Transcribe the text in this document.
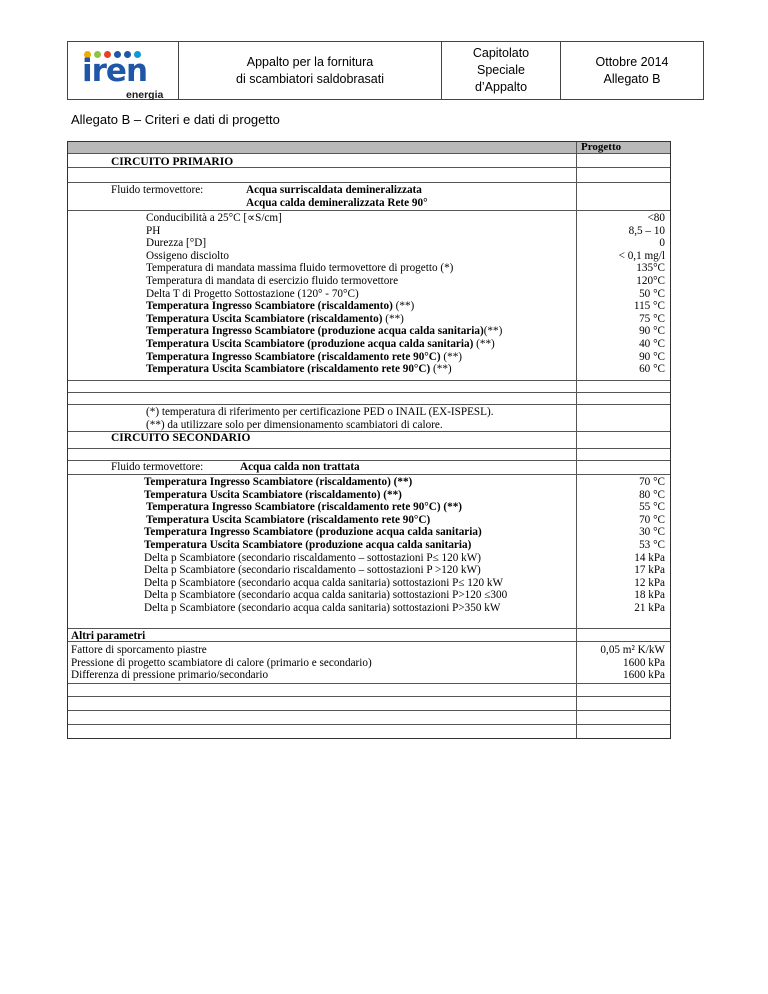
iren
energia

Appalto per la fornitura
di scambiatori saldobrasati

Capitolato
Speciale
d’Appalto

Ottobre 2014
Allegato B
Allegato B – Criteri e dati di progetto
Progetto
CIRCUITO PRIMARIO
Fluido termovettore:	Acqua surriscaldata demineralizzata
Acqua calda demineralizzata Rete 90°
Conducibilità a 25°C [∝S/cm]	<80
PH	8,5 – 10
Durezza [°D]	0
Ossigeno disciolto	< 0,1 mg/l
Temperatura di mandata massima fluido termovettore di progetto (*)	135°C
Temperatura di mandata di esercizio fluido termovettore	120°C
Delta T di Progetto Sottostazione (120° - 70°C)	50 °C
Temperatura Ingresso Scambiatore (riscaldamento) (**)	115 °C
Temperatura Uscita Scambiatore (riscaldamento) (**)	75 °C
Temperatura Ingresso Scambiatore (produzione acqua calda sanitaria)(**)	90 °C
Temperatura Uscita Scambiatore (produzione acqua calda sanitaria) (**)	40 °C
Temperatura Ingresso Scambiatore (riscaldamento rete 90°C) (**)	90 °C
Temperatura Uscita Scambiatore (riscaldamento rete 90°C) (**)	60 °C
(*) temperatura di riferimento per certificazione PED o INAIL (EX-ISPESL).
(**) da utilizzare solo per dimensionamento scambiatori di calore.
CIRCUITO SECONDARIO
Fluido termovettore:	Acqua calda non trattata
Temperatura Ingresso Scambiatore (riscaldamento) (**)	70 °C
Temperatura Uscita Scambiatore (riscaldamento) (**)	80 °C
Temperatura Ingresso Scambiatore (riscaldamento rete 90°C) (**)	55 °C
Temperatura Uscita Scambiatore (riscaldamento rete 90°C)	70 °C
Temperatura Ingresso Scambiatore (produzione acqua calda sanitaria)	30 °C
Temperatura Uscita Scambiatore (produzione acqua calda sanitaria)	53 °C
Delta p Scambiatore (secondario riscaldamento – sottostazioni P≤ 120 kW)	14 kPa
Delta p Scambiatore (secondario riscaldamento – sottostazioni P >120 kW)	17 kPa
Delta p Scambiatore (secondario acqua calda sanitaria) sottostazioni P≤ 120 kW	12 kPa
Delta p Scambiatore (secondario acqua calda sanitaria) sottostazioni P>120 ≤300	18 kPa
Delta p Scambiatore (secondario acqua calda sanitaria) sottostazioni P>350 kW	21 kPa
Altri parametri
Fattore di sporcamento piastre	0,05 m² K/kW
Pressione di progetto scambiatore di calore (primario e secondario)	1600 kPa
Differenza di pressione primario/secondario	1600 kPa
